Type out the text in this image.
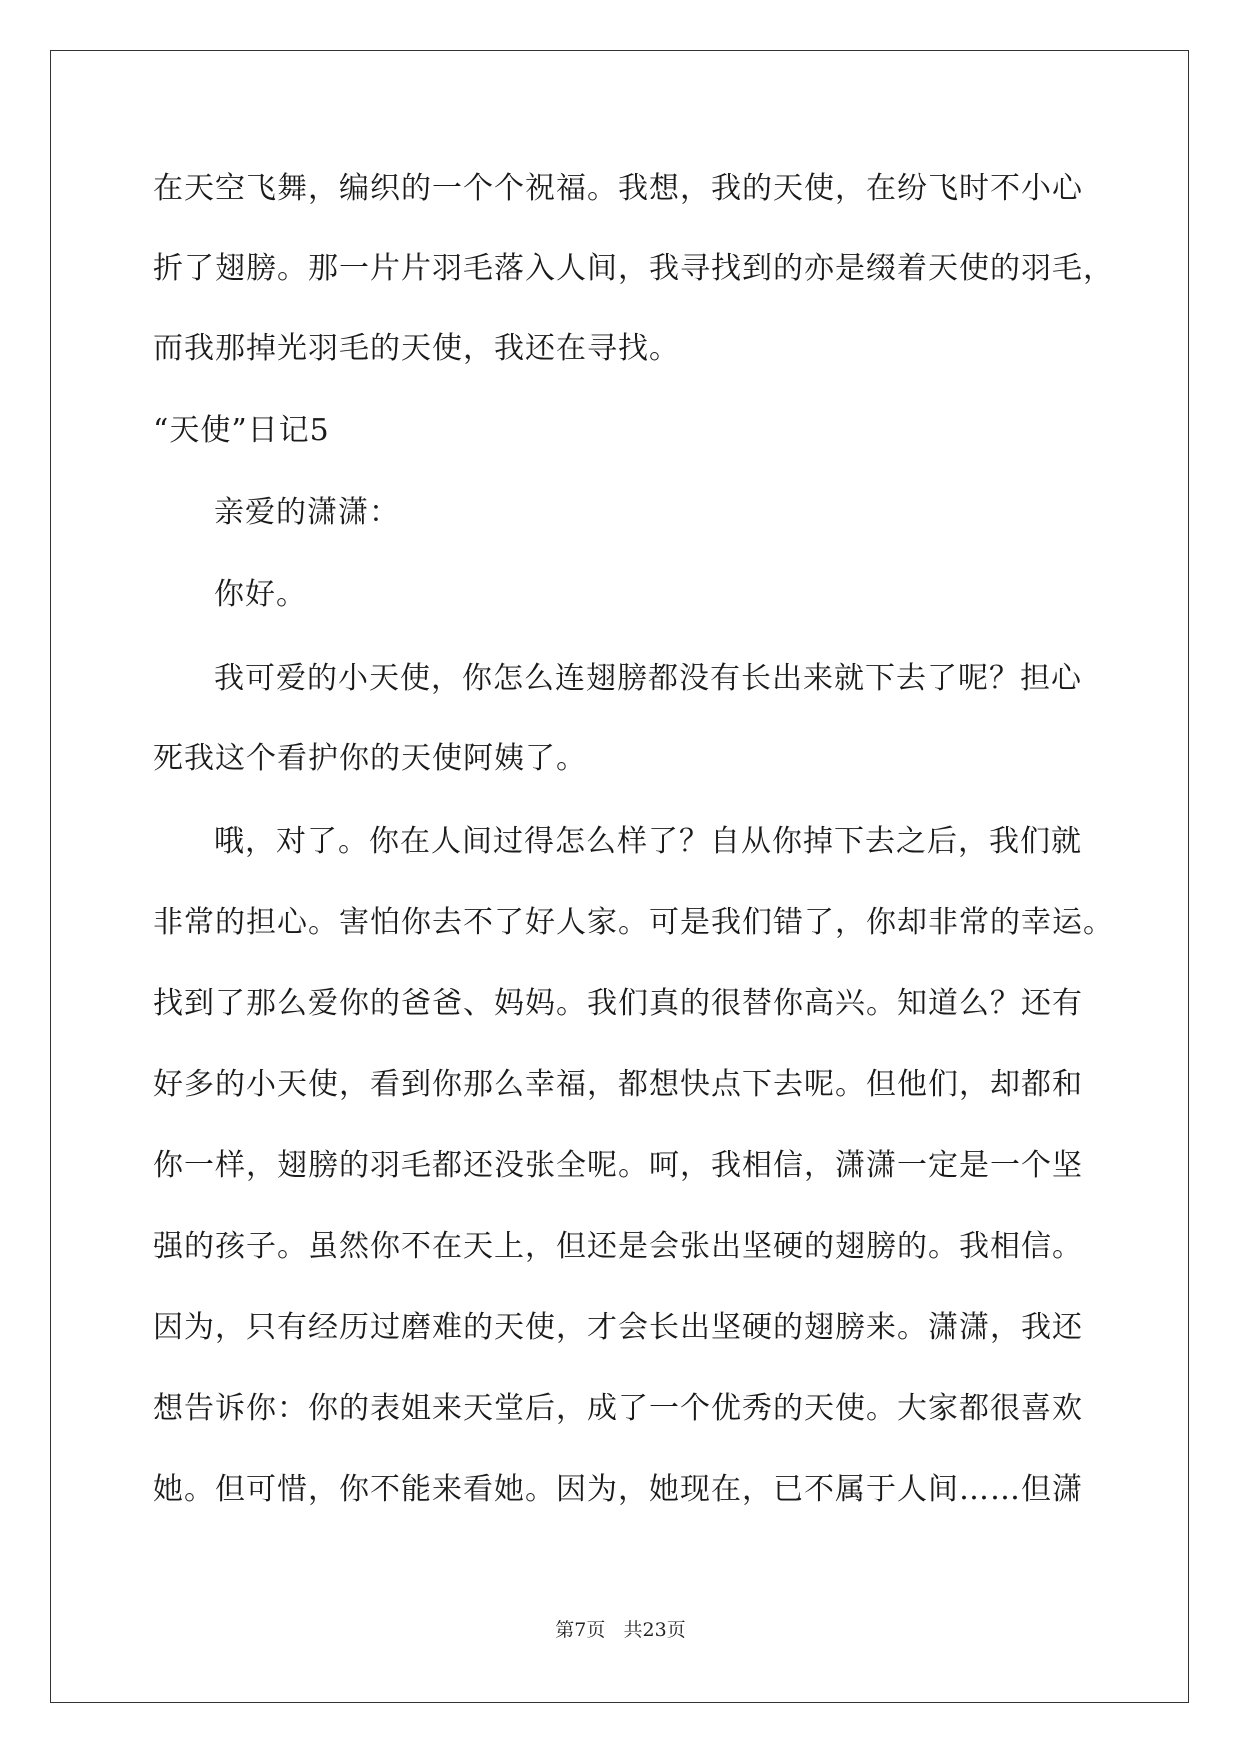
在天空飞舞，编织的一个个祝福。我想，我的天使，在纷飞时不小心
折了翅膀。那一片片羽毛落入人间，我寻找到的亦是缀着天使的羽毛，
而我那掉光羽毛的天使，我还在寻找。
“天使”日记5
亲爱的潇潇：
你好。
我可爱的小天使，你怎么连翅膀都没有长出来就下去了呢？担心
死我这个看护你的天使阿姨了。
哦，对了。你在人间过得怎么样了？自从你掉下去之后，我们就
非常的担心。害怕你去不了好人家。可是我们错了，你却非常的幸运。
找到了那么爱你的爸爸、妈妈。我们真的很替你高兴。知道么？还有
好多的小天使，看到你那么幸福，都想快点下去呢。但他们，却都和
你一样，翅膀的羽毛都还没张全呢。呵，我相信，潇潇一定是一个坚
强的孩子。虽然你不在天上，但还是会张出坚硬的翅膀的。我相信。
因为，只有经历过磨难的天使，才会长出坚硬的翅膀来。潇潇，我还
想告诉你：你的表姐来天堂后，成了一个优秀的天使。大家都很喜欢
她。但可惜，你不能来看她。因为，她现在，已不属于人间……但潇
第7页 共23页
